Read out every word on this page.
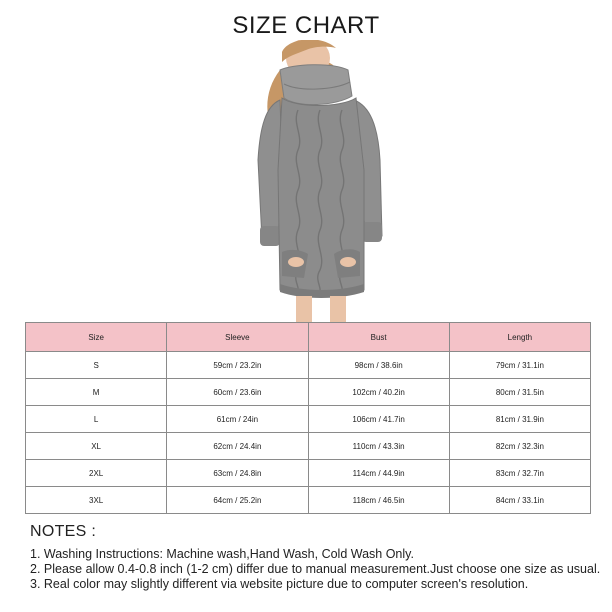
SIZE CHART
Size	Sleeve	Bust	Length
S	59cm / 23.2in	98cm / 38.6in	79cm / 31.1in
M	60cm / 23.6in	102cm / 40.2in	80cm / 31.5in
L	61cm / 24in	106cm / 41.7in	81cm / 31.9in
XL	62cm / 24.4in	110cm / 43.3in	82cm / 32.3in
2XL	63cm / 24.8in	114cm / 44.9in	83cm / 32.7in
3XL	64cm / 25.2in	118cm / 46.5in	84cm / 33.1in
NOTES :
1. Washing Instructions: Machine wash,Hand Wash, Cold Wash Only.
2. Please allow 0.4-0.8 inch (1-2 cm) differ due to manual measurement.Just choose one size as usual.
3. Real color may slightly different via website picture due to computer screen's resolution.
